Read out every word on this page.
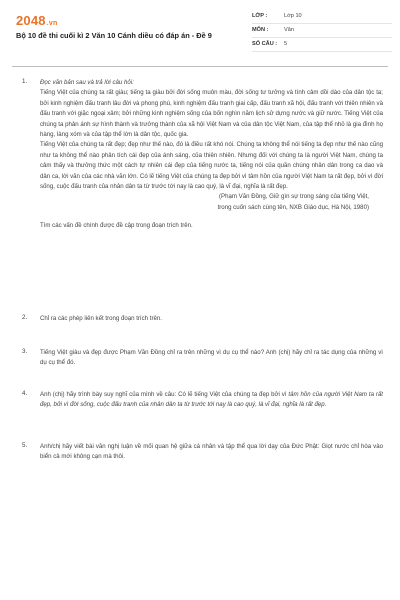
2048.vn
Bộ 10 đề thi cuối kì 2 Văn 10 Cánh diều có đáp án - Đề 9
LỚP :	Lớp 10
MÔN :	Văn
SỐ CÂU : 5
1. Đọc văn bản sau và trả lời câu hỏi:
Tiếng Việt của chúng ta rất giàu; tiếng ta giàu bởi đời sống muôn màu, đời sống tư tưởng và tình cảm dồi dào của dân tộc ta; bởi kinh nghiệm đấu tranh lâu đời và phong phú, kinh nghiệm đấu tranh giai cấp, đấu tranh xã hội, đấu tranh với thiên nhiên và đấu tranh với giặc ngoại xâm; bởi những kinh nghiệm sống của bốn nghìn năm lịch sử dựng nước và giữ nước. Tiếng Việt của chúng ta phản ánh sự hình thành và trưởng thành của xã hội Việt Nam và của dân tộc Việt Nam, của tập thể nhỏ là gia đình họ hàng, làng xóm và của tập thể lớn là dân tộc, quốc gia.
Tiếng Việt của chúng ta rất đẹp; đẹp như thế nào, đó là điều rất khó nói. Chúng ta không thể nói tiếng ta đẹp như thế nào cũng như ta không thể nào phân tích cái đẹp của ánh sáng, của thiên nhiên. Nhưng đối với chúng ta là người Việt Nam, chúng ta cảm thấy và thưởng thức một cách tự nhiên cái đẹp của tiếng nước ta, tiếng nói của quần chúng nhân dân trong ca dao và dân ca, lời văn của các nhà văn lớn. Có lẽ tiếng Việt của chúng ta đẹp bởi vì tâm hồn của người Việt Nam ta rất đẹp, bởi vì đời sống, cuộc đấu tranh của nhân dân ta từ trước tới nay là cao quý, là vĩ đại, nghĩa là rất đẹp.
(Phạm Văn Đồng, Giữ gìn sự trong sáng của tiếng Việt,
trong cuốn sách cùng tên, NXB Giáo dục, Hà Nội, 1980)
Tìm các vấn đề chính được đề cập trong đoạn trích trên.
2. Chỉ ra các phép liên kết trong đoạn trích trên.
3. Tiếng Việt giàu và đẹp được Phạm Văn Đồng chỉ ra trên những vì dụ cụ thể nào? Anh (chị) hãy chỉ ra tác dụng của những vì dụ cụ thể đó.
4. Anh (chị) hãy trình bày suy nghĩ của mình về câu: Có lẽ tiếng Việt của chúng ta đẹp bởi vì tâm hồn của người Việt Nam ta rất đẹp, bởi vì đời sống, cuộc đấu tranh của nhân dân ta từ trước tới nay là cao quý, là vĩ đại, nghĩa là rất đẹp.
5. Anh/chị hãy viết bài văn nghị luận về mối quan hệ giữa cá nhân và tập thể qua lời dạy của Đức Phật: Giọt nước chỉ hòa vào biển cả mới không cạn mà thôi.
